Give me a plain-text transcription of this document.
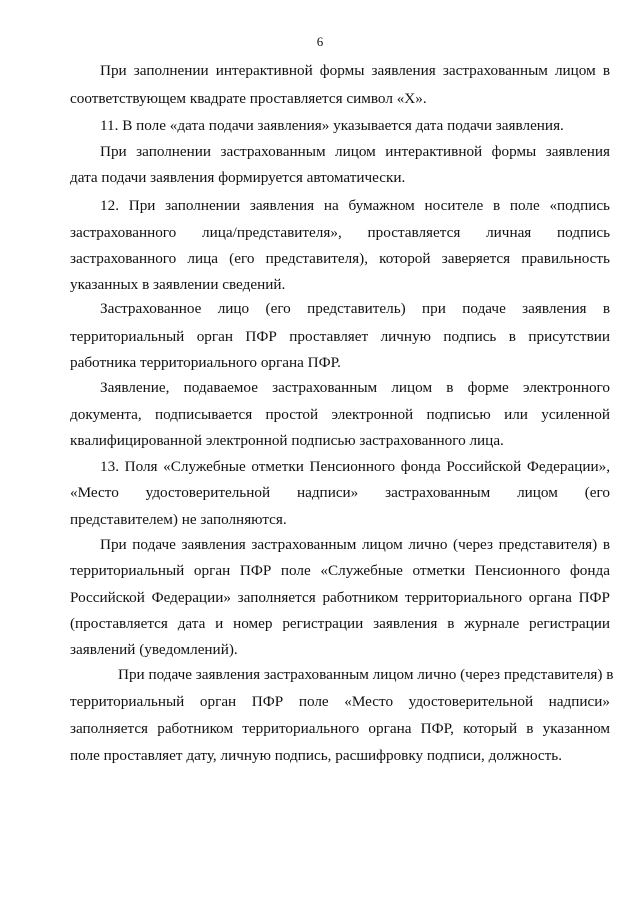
6
При заполнении интерактивной формы заявления застрахованным лицом в
соответствующем квадрате проставляется символ «X».
11. В поле «дата подачи заявления» указывается дата подачи заявления.
При заполнении застрахованным лицом интерактивной формы заявления
дата подачи заявления формируется автоматически.
12. При заполнении заявления на бумажном носителе в поле «подпись
застрахованного лица/представителя», проставляется личная подпись
застрахованного лица (его представителя), которой заверяется правильность
указанных в заявлении сведений.
Застрахованное лицо (его представитель) при подаче заявления в
территориальный орган ПФР проставляет личную подпись в присутствии
работника территориального органа ПФР.
Заявление, подаваемое застрахованным лицом в форме электронного
документа, подписывается простой электронной подписью или усиленной
квалифицированной электронной подписью застрахованного лица.
13. Поля «Служебные отметки Пенсионного фонда Российской Федерации»,
«Место удостоверительной надписи» застрахованным лицом (его
представителем) не заполняются.
При подаче заявления застрахованным лицом лично (через представителя) в
территориальный орган ПФР поле «Служебные отметки Пенсионного фонда
Российской Федерации» заполняется работником территориального органа ПФР
(проставляется дата и номер регистрации заявления в журнале регистрации
заявлений (уведомлений).
При подаче заявления застрахованным лицом лично (через представителя) в
территориальный орган ПФР поле «Место удостоверительной надписи»
заполняется работником территориального органа ПФР, который в указанном
поле проставляет дату, личную подпись, расшифровку подписи, должность.
